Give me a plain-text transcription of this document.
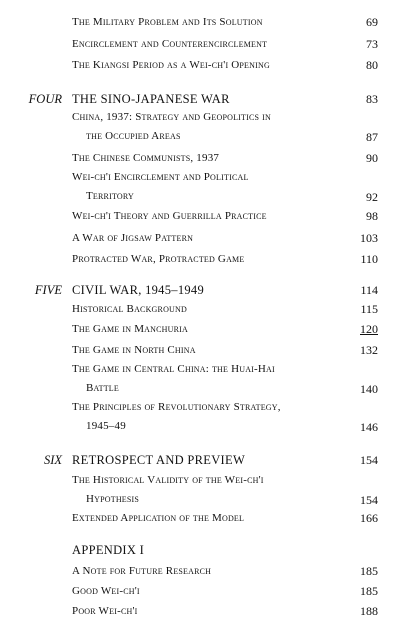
The Military Problem and Its Solution	69
Encirclement and Counterencirclement	73
The Kiangsi Period as a Wei-ch'i Opening	80
FOUR THE SINO-JAPANESE WAR	83
China, 1937: Strategy and Geopolitics in
the Occupied Areas	87
The Chinese Communists, 1937	90
Wei-ch'i Encirclement and Political
Territory	92
Wei-ch'i Theory and Guerrilla Practice	98
A War of Jigsaw Pattern	103
Protracted War, Protracted Game	110
FIVE CIVIL WAR, 1945–1949	114
Historical Background	115
The Game in Manchuria	120
The Game in North China	132
The Game in Central China: the Huai-Hai
Battle	140
The Principles of Revolutionary Strategy,
1945–49	146
SIX RETROSPECT AND PREVIEW	154
The Historical Validity of the Wei-ch'i
Hypothesis	154
Extended Application of the Model	166
APPENDIX I
A Note for Future Research	185
Good Wei-ch'i	185
Poor Wei-ch'i	188
